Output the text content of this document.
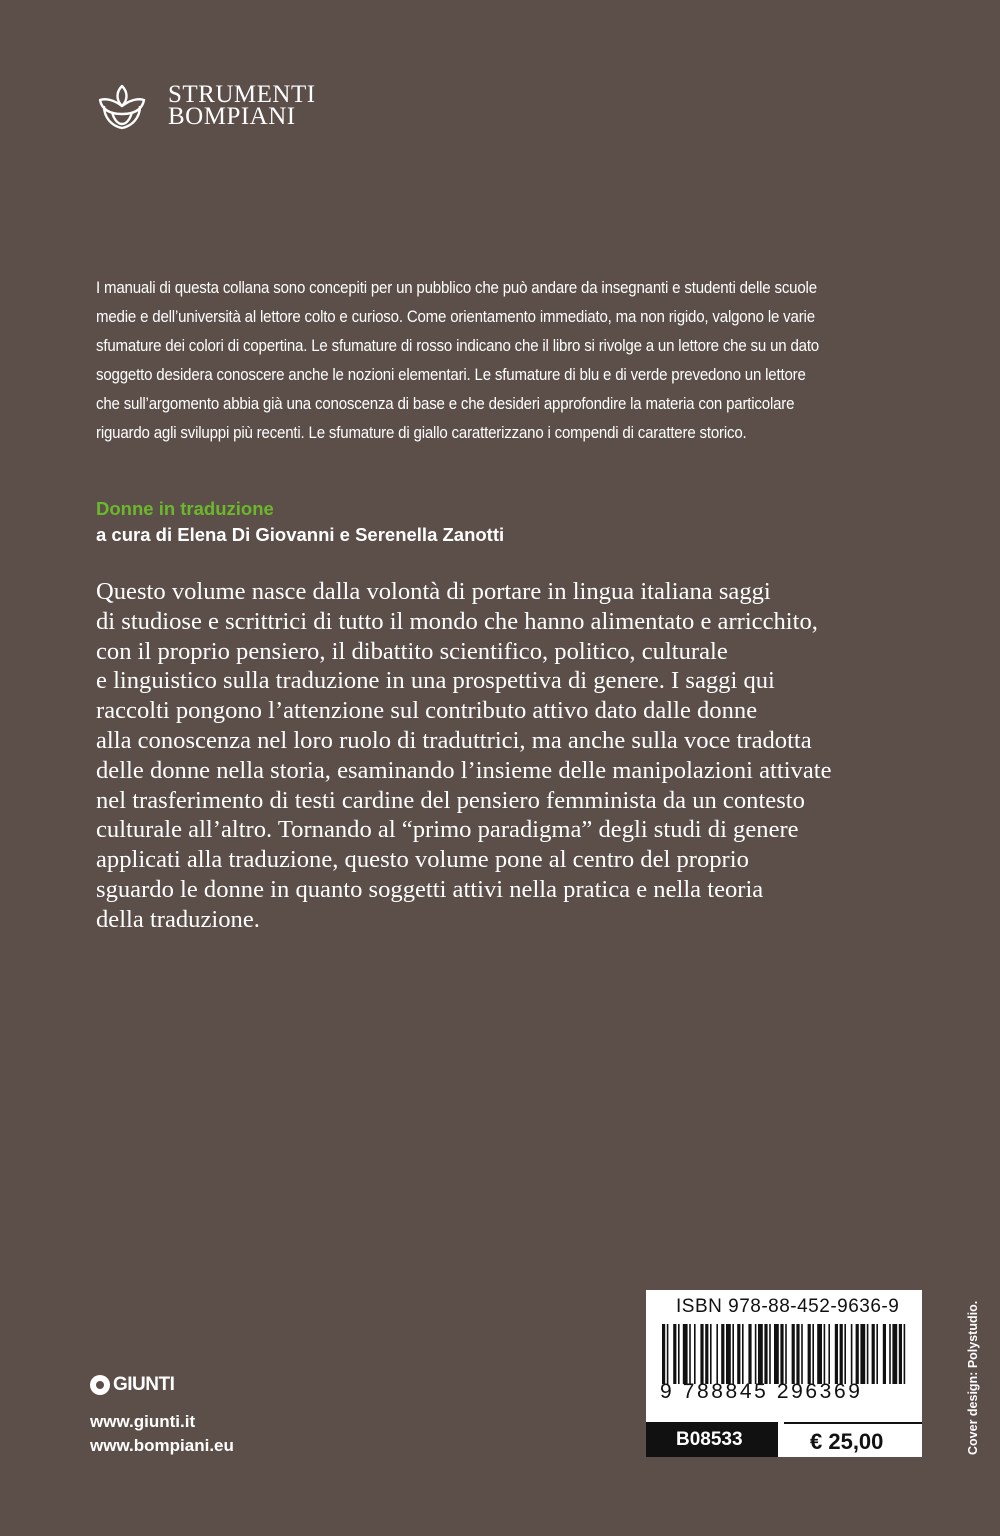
STRUMENTI
BOMPIANI
I manuali di questa collana sono concepiti per un pubblico che può andare da insegnanti e studenti delle scuole
medie e dell’università al lettore colto e curioso. Come orientamento immediato, ma non rigido, valgono le varie
sfumature dei colori di copertina. Le sfumature di rosso indicano che il libro si rivolge a un lettore che su un dato
soggetto desidera conoscere anche le nozioni elementari. Le sfumature di blu e di verde prevedono un lettore
che sull’argomento abbia già una conoscenza di base e che desideri approfondire la materia con particolare
riguardo agli sviluppi più recenti. Le sfumature di giallo caratterizzano i compendi di carattere storico.
Donne in traduzione
a cura di Elena Di Giovanni e Serenella Zanotti
Questo volume nasce dalla volontà di portare in lingua italiana saggi
di studiose e scrittrici di tutto il mondo che hanno alimentato e arricchito,
con il proprio pensiero, il dibattito scientifico, politico, culturale
e linguistico sulla traduzione in una prospettiva di genere. I saggi qui
raccolti pongono l’attenzione sul contributo attivo dato dalle donne
alla conoscenza nel loro ruolo di traduttrici, ma anche sulla voce tradotta
delle donne nella storia, esaminando l’insieme delle manipolazioni attivate
nel trasferimento di testi cardine del pensiero femminista da un contesto
culturale all’altro. Tornando al “primo paradigma” degli studi di genere
applicati alla traduzione, questo volume pone al centro del proprio
sguardo le donne in quanto soggetti attivi nella pratica e nella teoria
della traduzione.
GIUNTI
www.giunti.it
www.bompiani.eu
ISBN 978-88-452-9636-9
9 788845 296369
B08533	€ 25,00	Cover design: Polystudio.
